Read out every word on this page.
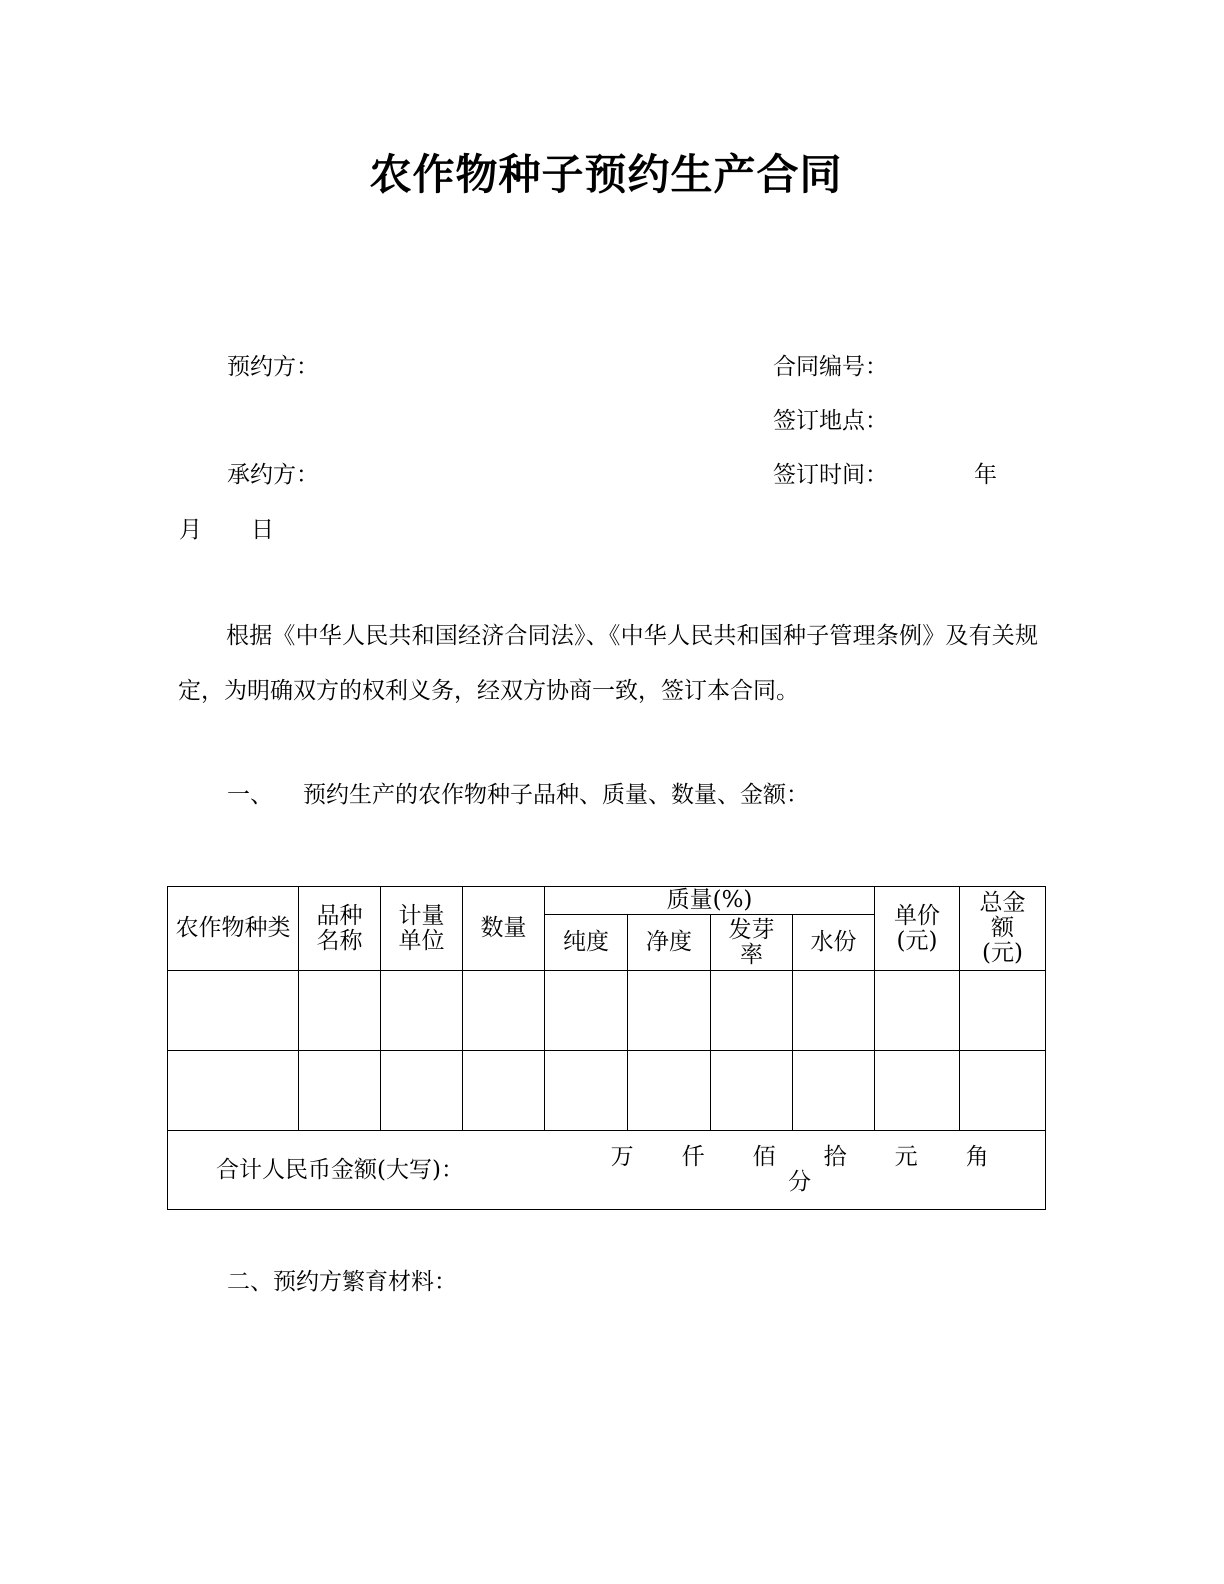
农作物种子预约生产合同
预约方：	合同编号：
签订地点：
承约方：	签订时间：	年
月 日

根据《中华人民共和国经济合同法》、《中华人民共和国种子管理条例》及有关规定，为明确双方的权利义务，经双方协商一致，签订本合同。

一、 预约生产的农作物种子品种、质量、数量、金额：
农作物种类	品种名称	计量单位	数量	质量(%)				单价(元)	总金额(元)
				纯度	净度	发芽率	水份		

合计人民币金额(大写)： 万 仟 佰 拾 元 角分									
二、预约方繁育材料：
